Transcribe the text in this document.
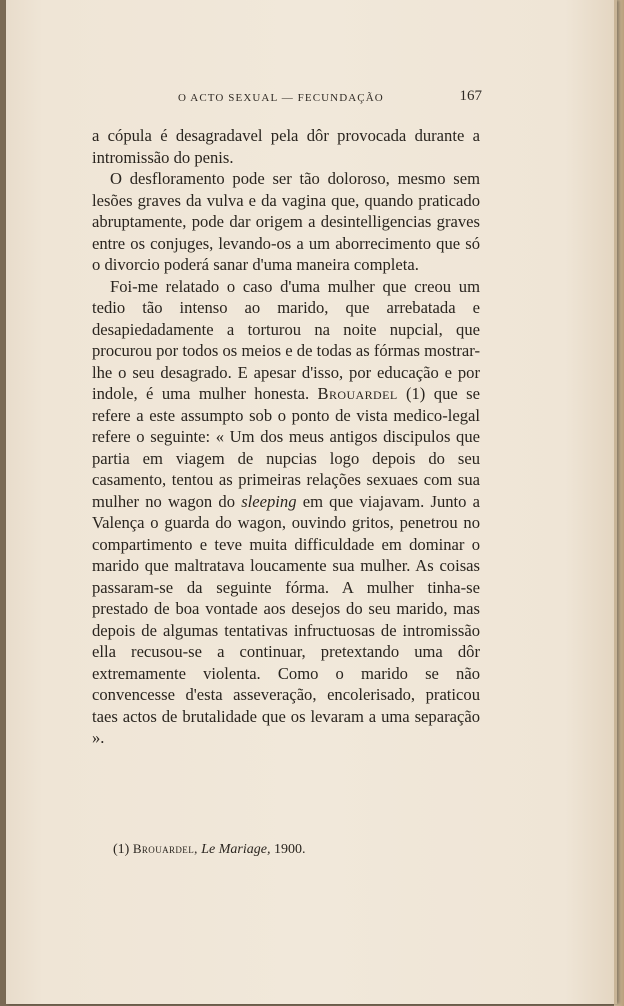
O ACTO SEXUAL — FECUNDAÇÃO	167

a cópula é desagradavel pela dôr provocada durante a intromissão do penis.

O desfloramento pode ser tão doloroso, mesmo sem lesões graves da vulva e da vagina que, quando praticado abruptamente, pode dar origem a desintelligencias graves entre os conjuges, levando-os a um aborrecimento que só o divorcio poderá sanar d'uma maneira completa.

Foi-me relatado o caso d'uma mulher que creou um tedio tão intenso ao marido, que arrebatada e desapiedadamente a torturou na noite nupcial, que procurou por todos os meios e de todas as fórmas mostrar-lhe o seu desagrado. E apesar d'isso, por educação e por indole, é uma mulher honesta. Brouardel (1) que se refere a este assumpto sob o ponto de vista medico-legal refere o seguinte: « Um dos meus antigos discipulos que partia em viagem de nupcias logo depois do seu casamento, tentou as primeiras relações sexuaes com sua mulher no wagon do sleeping em que viajavam. Junto a Valença o guarda do wagon, ouvindo gritos, penetrou no compartimento e teve muita difficuldade em dominar o marido que maltratava loucamente sua mulher. As coisas passaram-se da seguinte fórma. A mulher tinha-se prestado de boa vontade aos desejos do seu marido, mas depois de algumas tentativas infructuosas de intromissão ella recusou-se a continuar, pretextando uma dôr extremamente violenta. Como o marido se não convencesse d'esta asseveração, encolerisado, praticou taes actos de brutalidade que os levaram a uma separação ».

(1) Brouardel, Le Mariage, 1900.
